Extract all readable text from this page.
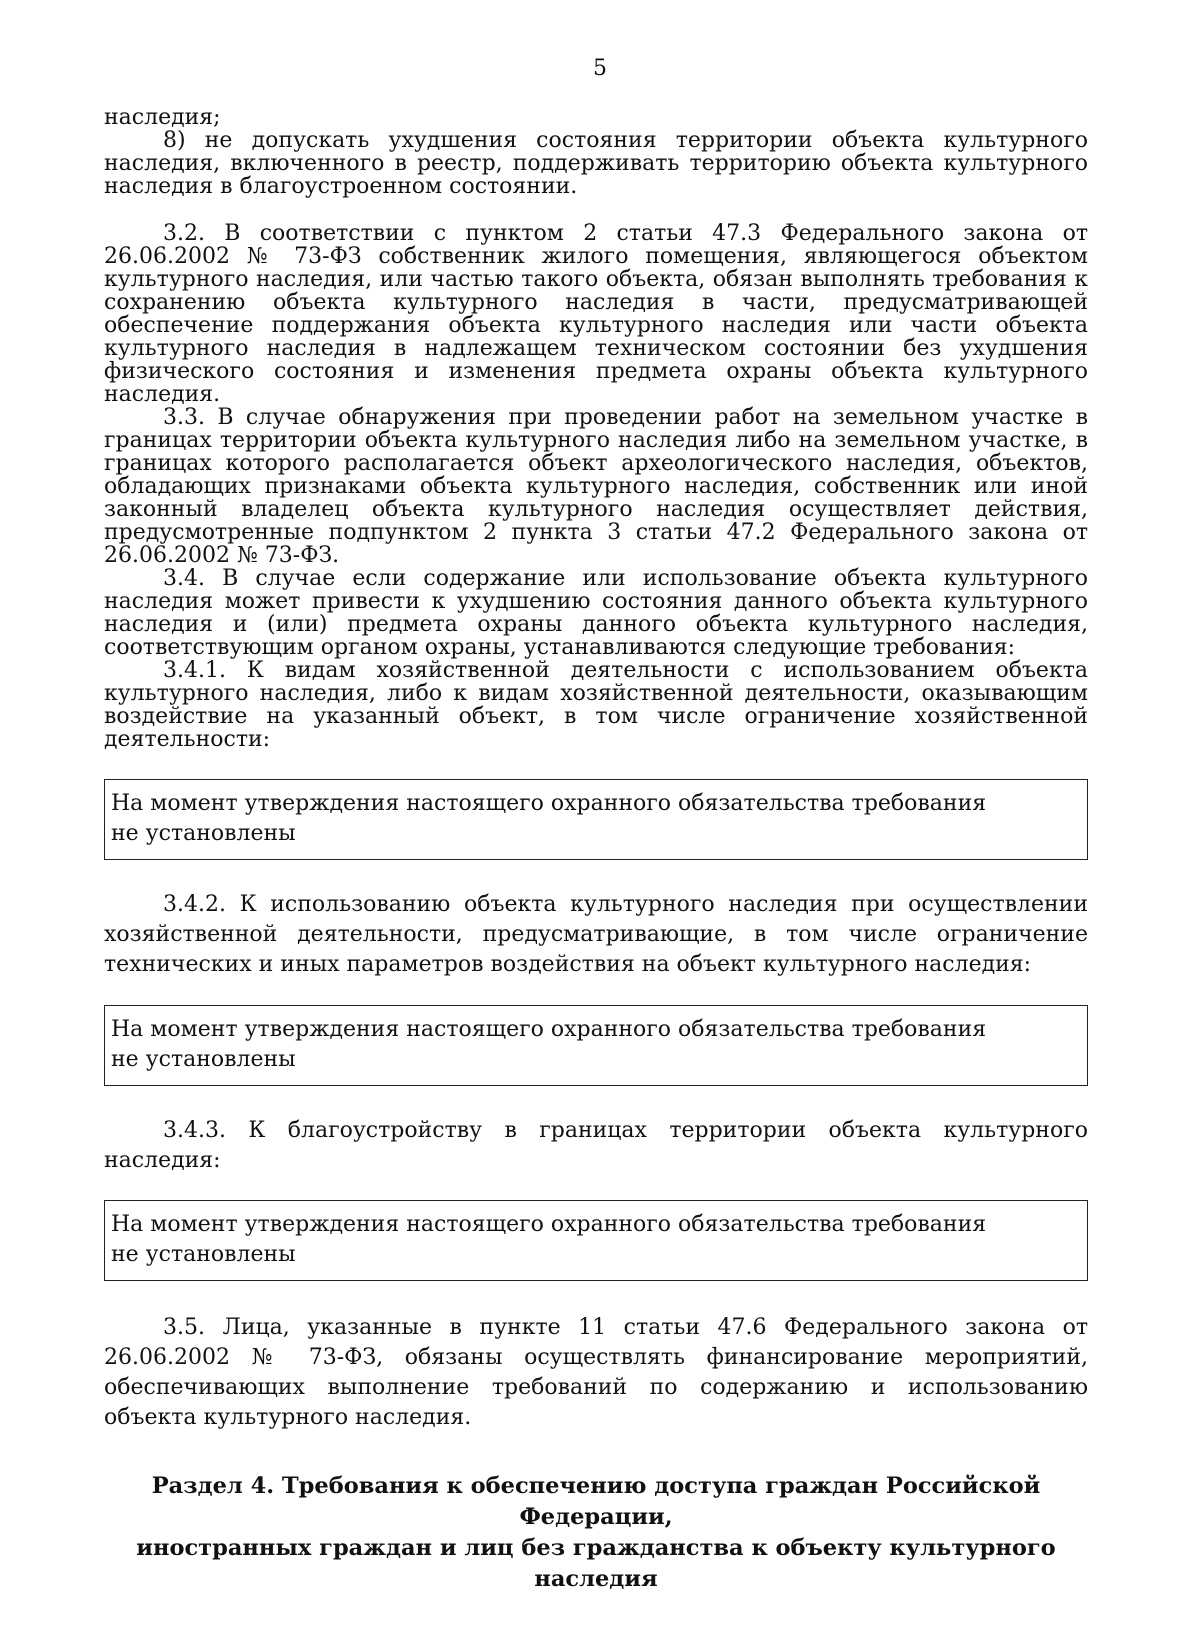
5

наследия;

8) не допускать ухудшения состояния территории объекта культурного наследия, включенного в реестр, поддерживать территорию объекта культурного наследия в благоустроенном состоянии.

3.2. В соответствии с пунктом 2 статьи 47.3 Федерального закона от 26.06.2002 № 73-ФЗ собственник жилого помещения, являющегося объектом культурного наследия, или частью такого объекта, обязан выполнять требования к сохранению объекта культурного наследия в части, предусматривающей обеспечение поддержания объекта культурного наследия или части объекта культурного наследия в надлежащем техническом состоянии без ухудшения физического состояния и изменения предмета охраны объекта культурного наследия.

3.3. В случае обнаружения при проведении работ на земельном участке в границах территории объекта культурного наследия либо на земельном участке, в границах которого располагается объект археологического наследия, объектов, обладающих признаками объекта культурного наследия, собственник или иной законный владелец объекта культурного наследия осуществляет действия, предусмотренные подпунктом 2 пункта 3 статьи 47.2 Федерального закона от 26.06.2002 № 73-ФЗ.

3.4. В случае если содержание или использование объекта культурного наследия может привести к ухудшению состояния данного объекта культурного наследия и (или) предмета охраны данного объекта культурного наследия, соответствующим органом охраны, устанавливаются следующие требования:

3.4.1. К видам хозяйственной деятельности с использованием объекта культурного наследия, либо к видам хозяйственной деятельности, оказывающим воздействие на указанный объект, в том числе ограничение хозяйственной деятельности:

На момент утверждения настоящего охранного обязательства требования
не установлены

3.4.2. К использованию объекта культурного наследия при осуществлении хозяйственной деятельности, предусматривающие, в том числе ограничение технических и иных параметров воздействия на объект культурного наследия:

На момент утверждения настоящего охранного обязательства требования
не установлены

3.4.3. К благоустройству в границах территории объекта культурного наследия:

На момент утверждения настоящего охранного обязательства требования
не установлены

3.5. Лица, указанные в пункте 11 статьи 47.6 Федерального закона от 26.06.2002 № 73-ФЗ, обязаны осуществлять финансирование мероприятий, обеспечивающих выполнение требований по содержанию и использованию объекта культурного наследия.

Раздел 4. Требования к обеспечению доступа граждан Российской Федерации,

иностранных граждан и лиц без гражданства к объекту культурного наследия
